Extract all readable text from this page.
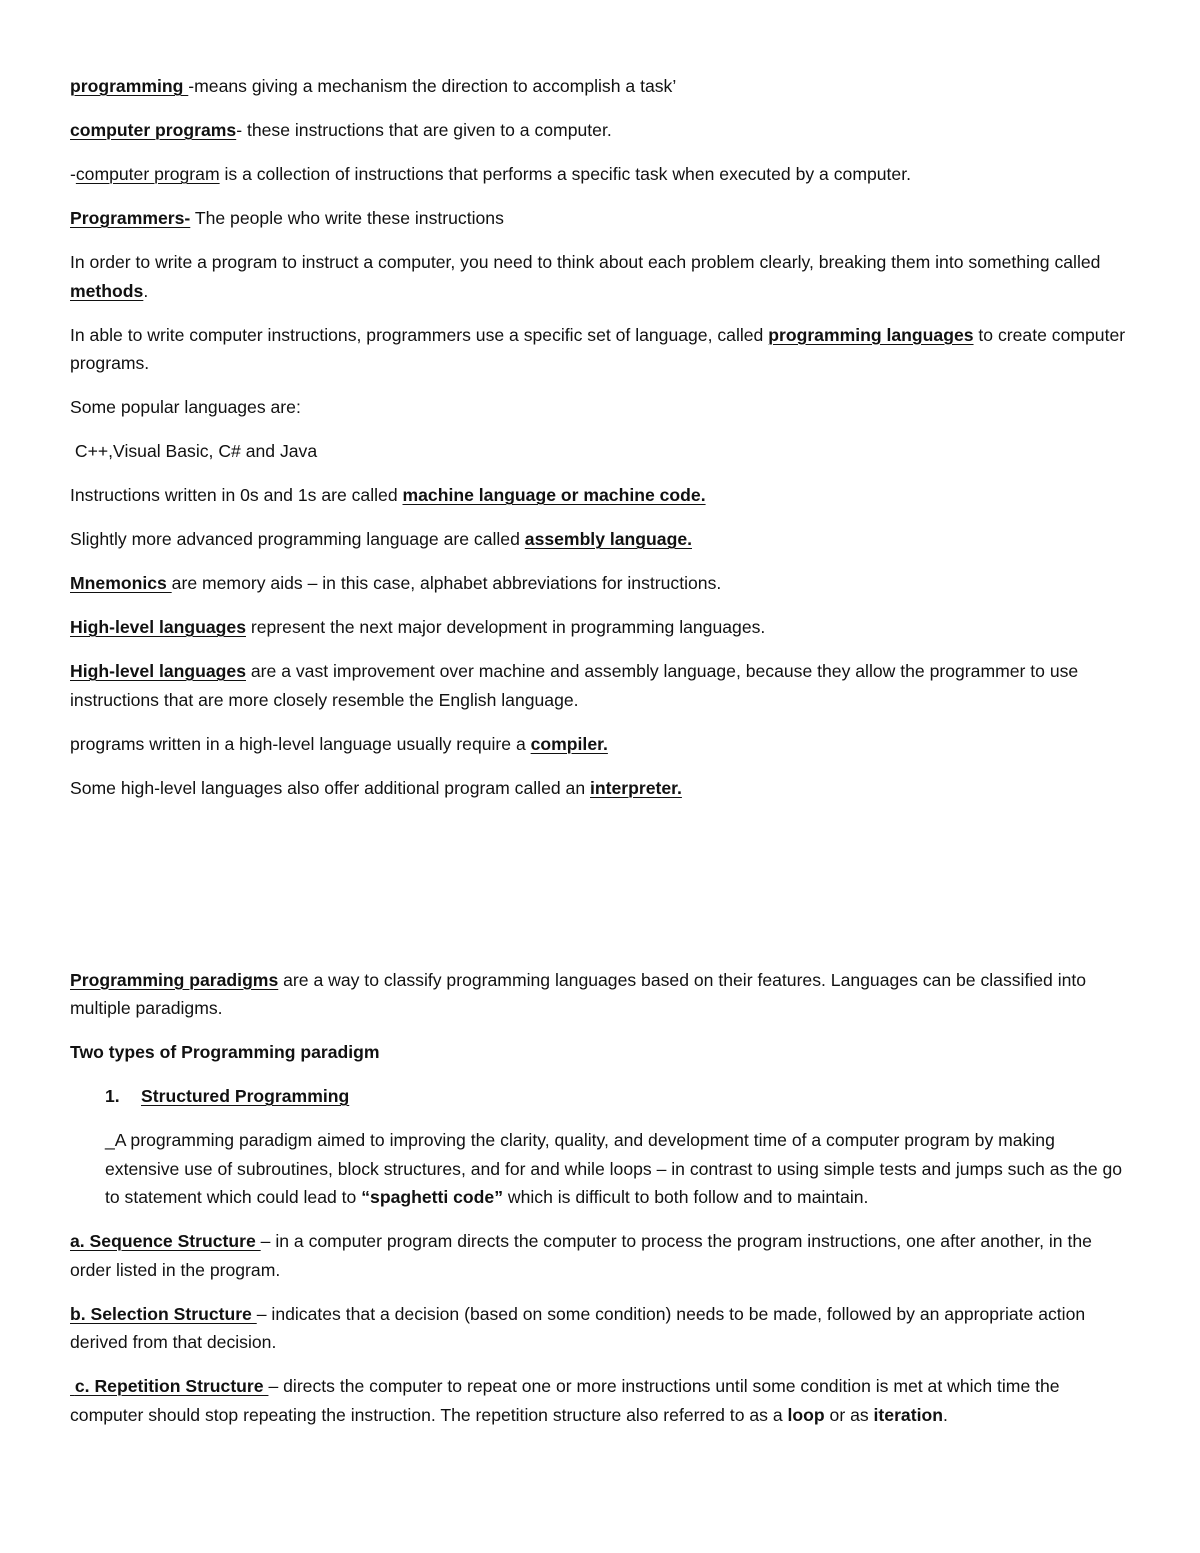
programming -means giving a mechanism the direction to accomplish a task’

computer programs- these instructions that are given to a computer.

-computer program is a collection of instructions that performs a specific task when executed by a computer.

Programmers- The people who write these instructions

In order to write a program to instruct a computer, you need to think about each problem clearly, breaking them into something called methods.

In able to write computer instructions, programmers use a specific set of language, called programming languages to create computer programs.

Some popular languages are:

C++,Visual Basic, C# and Java

Instructions written in 0s and 1s are called machine language or machine code.

Slightly more advanced programming language are called assembly language.

Mnemonics are memory aids – in this case, alphabet abbreviations for instructions.

High-level languages represent the next major development in programming languages.

High-level languages are a vast improvement over machine and assembly language, because they allow the programmer to use instructions that are more closely resemble the English language.

programs written in a high-level language usually require a compiler.

Some high-level languages also offer additional program called an interpreter.

Programming paradigms are a way to classify programming languages based on their features. Languages can be classified into multiple paradigms.

Two types of Programming paradigm

1. Structured Programming

_A programming paradigm aimed to improving the clarity, quality, and development time of a computer program by making extensive use of subroutines, block structures, and for and while loops – in contrast to using simple tests and jumps such as the go to statement which could lead to “spaghetti code” which is difficult to both follow and to maintain.

a. Sequence Structure – in a computer program directs the computer to process the program instructions, one after another, in the order listed in the program.

b. Selection Structure – indicates that a decision (based on some condition) needs to be made, followed by an appropriate action derived from that decision.

c. Repetition Structure – directs the computer to repeat one or more instructions until some condition is met at which time the computer should stop repeating the instruction. The repetition structure also referred to as a loop or as iteration.
